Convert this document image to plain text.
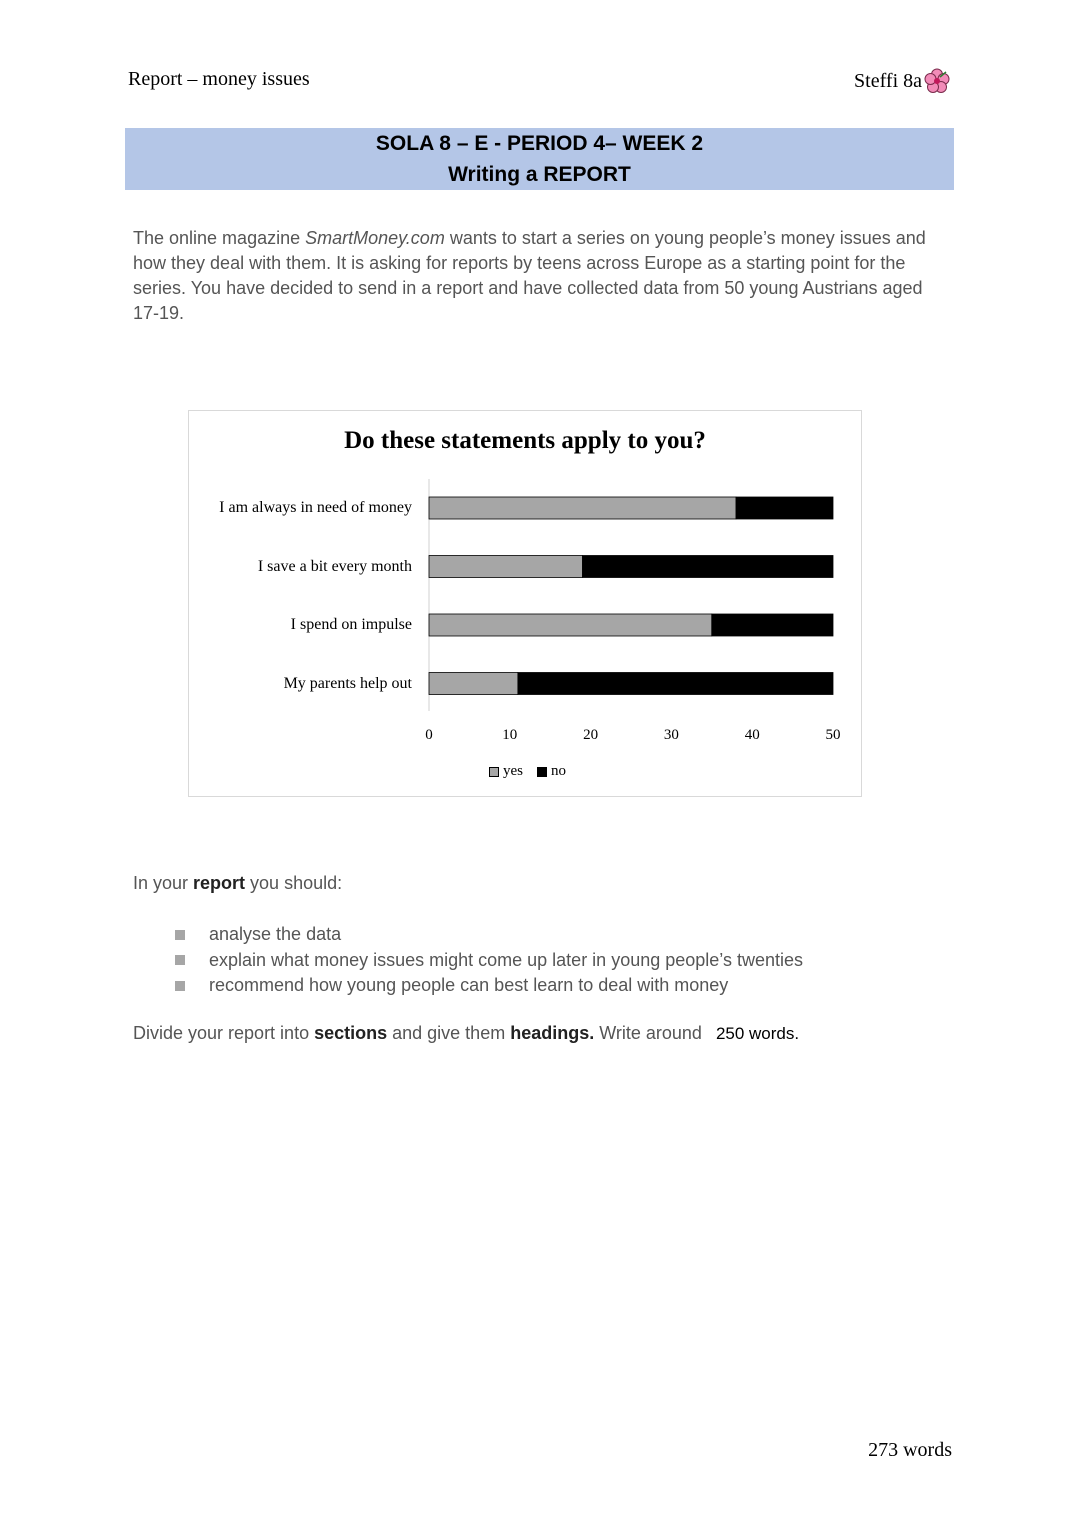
Report – money issues	Steffi 8a
SOLA 8 – E - PERIOD 4– WEEK 2
Writing a REPORT
The online magazine SmartMoney.com wants to start a series on young people’s money issues and how they deal with them. It is asking for reports by teens across Europe as a starting point for the series. You have decided to send in a report and have collected data from 50 young Austrians aged 17-19.
Do these statements apply to you?
I am always in need of money
I save a bit every month
I spend on impulse
My parents help out
0	10	20	30	40	50
yes no
In your report you should:
analyse the data
explain what money issues might come up later in young people’s twenties
recommend how young people can best learn to deal with money
Divide your report into sections and give them headings. Write around 250 words.
273 words
